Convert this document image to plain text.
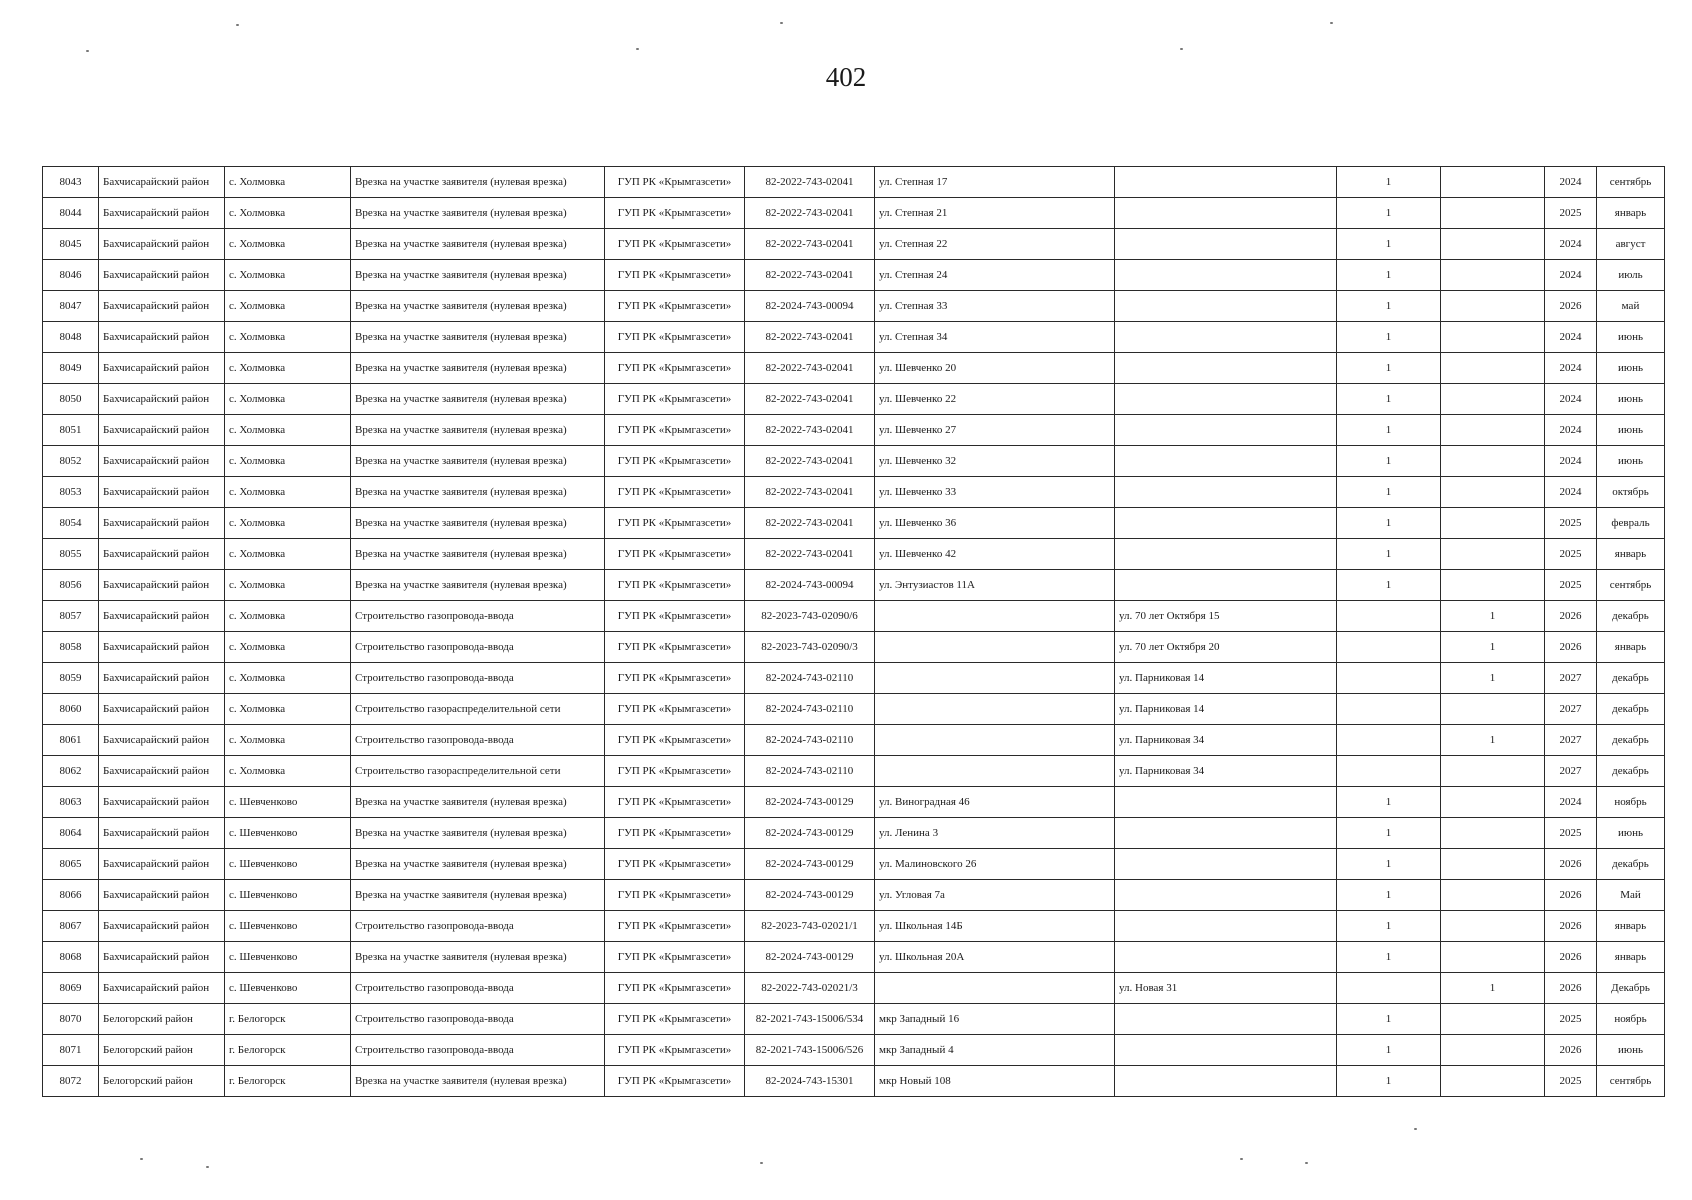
402
8043	Бахчисарайский район	с. Холмовка	Врезка на участке заявителя (нулевая врезка)	ГУП РК «Крымгазсети»	82-2022-743-02041	ул. Степная 17		1		2024	сентябрь
8044	Бахчисарайский район	с. Холмовка	Врезка на участке заявителя (нулевая врезка)	ГУП РК «Крымгазсети»	82-2022-743-02041	ул. Степная 21		1		2025	январь
8045	Бахчисарайский район	с. Холмовка	Врезка на участке заявителя (нулевая врезка)	ГУП РК «Крымгазсети»	82-2022-743-02041	ул. Степная 22		1		2024	август
8046	Бахчисарайский район	с. Холмовка	Врезка на участке заявителя (нулевая врезка)	ГУП РК «Крымгазсети»	82-2022-743-02041	ул. Степная 24		1		2024	июль
8047	Бахчисарайский район	с. Холмовка	Врезка на участке заявителя (нулевая врезка)	ГУП РК «Крымгазсети»	82-2024-743-00094	ул. Степная 33		1		2026	май
8048	Бахчисарайский район	с. Холмовка	Врезка на участке заявителя (нулевая врезка)	ГУП РК «Крымгазсети»	82-2022-743-02041	ул. Степная 34		1		2024	июнь
8049	Бахчисарайский район	с. Холмовка	Врезка на участке заявителя (нулевая врезка)	ГУП РК «Крымгазсети»	82-2022-743-02041	ул. Шевченко 20		1		2024	июнь
8050	Бахчисарайский район	с. Холмовка	Врезка на участке заявителя (нулевая врезка)	ГУП РК «Крымгазсети»	82-2022-743-02041	ул. Шевченко 22		1		2024	июнь
8051	Бахчисарайский район	с. Холмовка	Врезка на участке заявителя (нулевая врезка)	ГУП РК «Крымгазсети»	82-2022-743-02041	ул. Шевченко 27		1		2024	июнь
8052	Бахчисарайский район	с. Холмовка	Врезка на участке заявителя (нулевая врезка)	ГУП РК «Крымгазсети»	82-2022-743-02041	ул. Шевченко 32		1		2024	июнь
8053	Бахчисарайский район	с. Холмовка	Врезка на участке заявителя (нулевая врезка)	ГУП РК «Крымгазсети»	82-2022-743-02041	ул. Шевченко 33		1		2024	октябрь
8054	Бахчисарайский район	с. Холмовка	Врезка на участке заявителя (нулевая врезка)	ГУП РК «Крымгазсети»	82-2022-743-02041	ул. Шевченко 36		1		2025	февраль
8055	Бахчисарайский район	с. Холмовка	Врезка на участке заявителя (нулевая врезка)	ГУП РК «Крымгазсети»	82-2022-743-02041	ул. Шевченко 42		1		2025	январь
8056	Бахчисарайский район	с. Холмовка	Врезка на участке заявителя (нулевая врезка)	ГУП РК «Крымгазсети»	82-2024-743-00094	ул. Энтузиастов 11А		1		2025	сентябрь
8057	Бахчисарайский район	с. Холмовка	Строительство газопровода-ввода	ГУП РК «Крымгазсети»	82-2023-743-02090/6		ул. 70 лет Октября 15		1	2026	декабрь
8058	Бахчисарайский район	с. Холмовка	Строительство газопровода-ввода	ГУП РК «Крымгазсети»	82-2023-743-02090/3		ул. 70 лет Октября 20		1	2026	январь
8059	Бахчисарайский район	с. Холмовка	Строительство газопровода-ввода	ГУП РК «Крымгазсети»	82-2024-743-02110		ул. Парниковая 14		1	2027	декабрь
8060	Бахчисарайский район	с. Холмовка	Строительство газораспределительной сети	ГУП РК «Крымгазсети»	82-2024-743-02110		ул. Парниковая 14			2027	декабрь
8061	Бахчисарайский район	с. Холмовка	Строительство газопровода-ввода	ГУП РК «Крымгазсети»	82-2024-743-02110		ул. Парниковая 34		1	2027	декабрь
8062	Бахчисарайский район	с. Холмовка	Строительство газораспределительной сети	ГУП РК «Крымгазсети»	82-2024-743-02110		ул. Парниковая 34			2027	декабрь
8063	Бахчисарайский район	с. Шевченково	Врезка на участке заявителя (нулевая врезка)	ГУП РК «Крымгазсети»	82-2024-743-00129	ул. Виноградная 46		1		2024	ноябрь
8064	Бахчисарайский район	с. Шевченково	Врезка на участке заявителя (нулевая врезка)	ГУП РК «Крымгазсети»	82-2024-743-00129	ул. Ленина 3		1		2025	июнь
8065	Бахчисарайский район	с. Шевченково	Врезка на участке заявителя (нулевая врезка)	ГУП РК «Крымгазсети»	82-2024-743-00129	ул. Малиновского 26		1		2026	декабрь
8066	Бахчисарайский район	с. Шевченково	Врезка на участке заявителя (нулевая врезка)	ГУП РК «Крымгазсети»	82-2024-743-00129	ул. Угловая 7а		1		2026	Май
8067	Бахчисарайский район	с. Шевченково	Строительство газопровода-ввода	ГУП РК «Крымгазсети»	82-2023-743-02021/1	ул. Школьная 14Б		1		2026	январь
8068	Бахчисарайский район	с. Шевченково	Врезка на участке заявителя (нулевая врезка)	ГУП РК «Крымгазсети»	82-2024-743-00129	ул. Школьная 20А		1		2026	январь
8069	Бахчисарайский район	с. Шевченково	Строительство газопровода-ввода	ГУП РК «Крымгазсети»	82-2022-743-02021/3		ул. Новая 31		1	2026	Декабрь
8070	Белогорский район	г. Белогорск	Строительство газопровода-ввода	ГУП РК «Крымгазсети»	82-2021-743-15006/534	мкр Западный 16		1		2025	ноябрь
8071	Белогорский район	г. Белогорск	Строительство газопровода-ввода	ГУП РК «Крымгазсети»	82-2021-743-15006/526	мкр Западный 4		1		2026	июнь
8072	Белогорский район	г. Белогорск	Врезка на участке заявителя (нулевая врезка)	ГУП РК «Крымгазсети»	82-2024-743-15301	мкр Новый 108		1		2025	сентябрь
